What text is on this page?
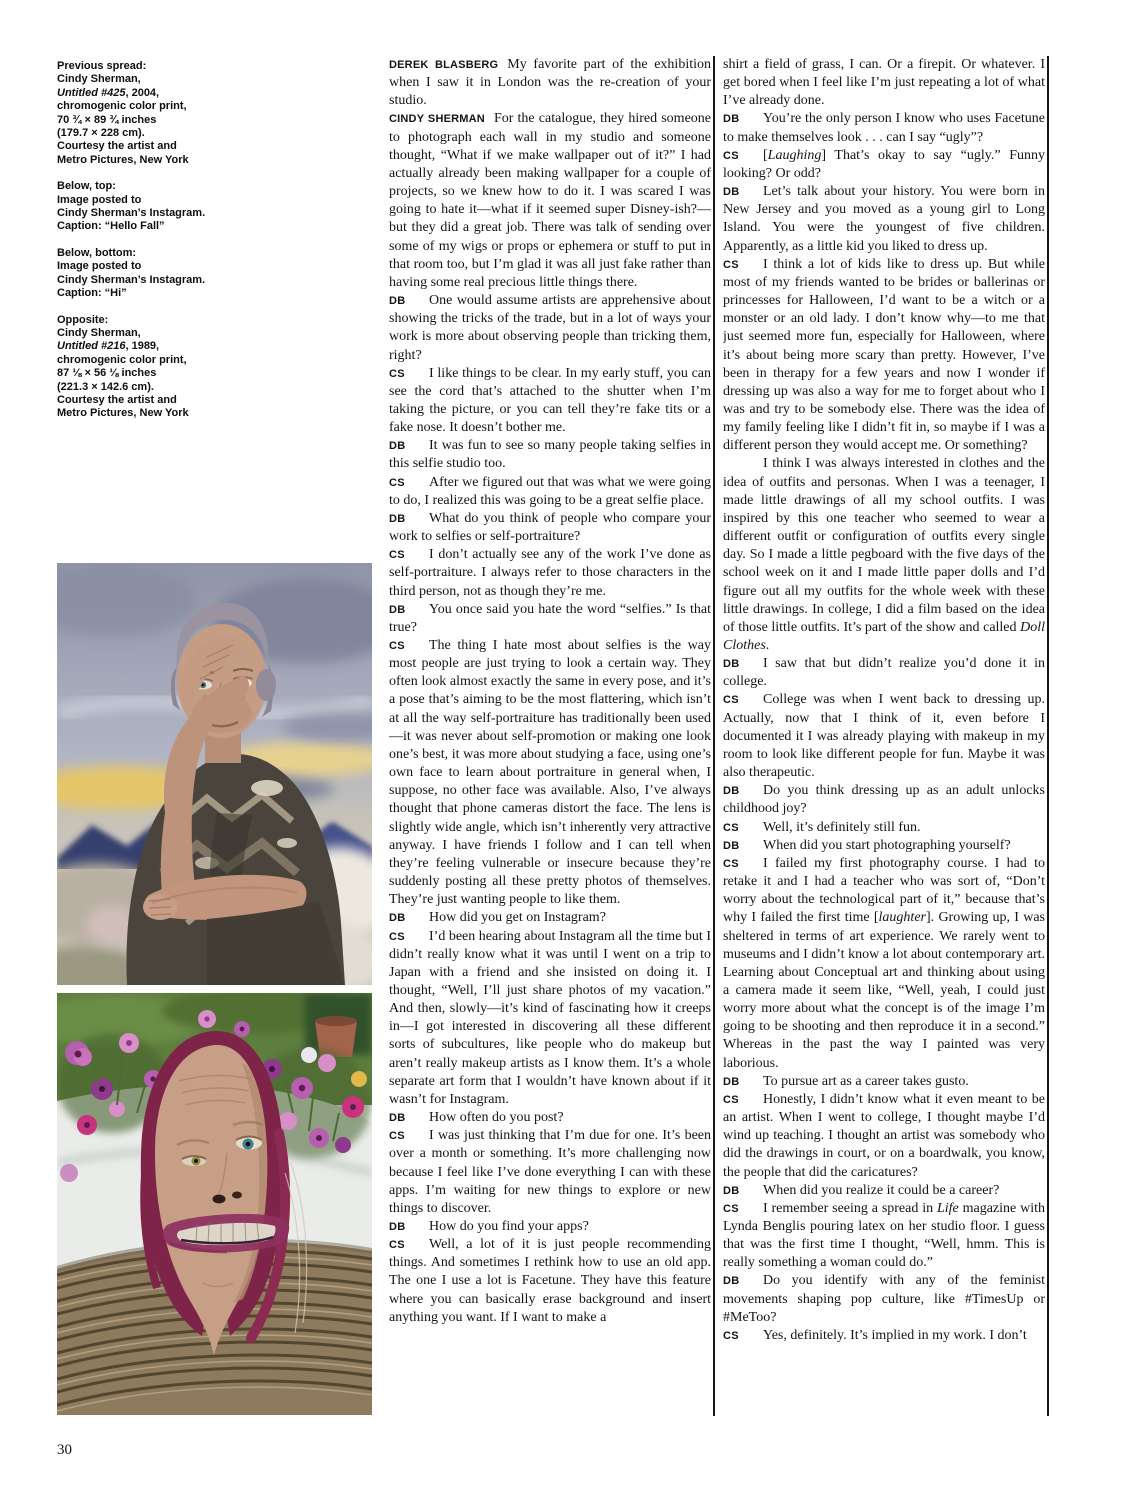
Previous spread:
Cindy Sherman,
Untitled #425, 2004,
chromogenic color print,
70 ¾ × 89 ¾ inches
(179.7 × 228 cm).
Courtesy the artist and
Metro Pictures, New York
Below, top:
Image posted to
Cindy Sherman’s Instagram.
Caption: “Hello Fall”
Below, bottom:
Image posted to
Cindy Sherman’s Instagram.
Caption: “Hi”
Opposite:
Cindy Sherman,
Untitled #216, 1989,
chromogenic color print,
87 ⅛ × 56 ⅛ inches
(221.3 × 142.6 cm).
Courtesy the artist and
Metro Pictures, New York

DEREK BLASBERG My favorite part of the exhibition when I saw it in London was the re-creation of your studio.

CINDY SHERMAN For the catalogue, they hired someone to photograph each wall in my studio and someone thought, “What if we make wallpaper out of it?” I had actually already been making wallpaper for a couple of projects, so we knew how to do it. I was scared I was going to hate it—what if it seemed super Disney-ish?—but they did a great job. There was talk of sending over some of my wigs or props or ephemera or stuff to put in that room too, but I’m glad it was all just fake rather than having some real precious little things there.

DB One would assume artists are apprehensive about showing the tricks of the trade, but in a lot of ways your work is more about observing people than tricking them, right?

CS I like things to be clear. In my early stuff, you can see the cord that’s attached to the shutter when I’m taking the picture, or you can tell they’re fake tits or a fake nose. It doesn’t bother me.

DB It was fun to see so many people taking selfies in this selfie studio too.

CS After we figured out that was what we were going to do, I realized this was going to be a great selfie place.

DB What do you think of people who compare your work to selfies or self-portraiture?

CS I don’t actually see any of the work I’ve done as self-portraiture. I always refer to those characters in the third person, not as though they’re me.

DB You once said you hate the word “selfies.” Is that true?

CS The thing I hate most about selfies is the way most people are just trying to look a certain way. They often look almost exactly the same in every pose, and it’s a pose that’s aiming to be the most flattering, which isn’t at all the way self-portraiture has traditionally been used—it was never about self-promotion or making one look one’s best, it was more about studying a face, using one’s own face to learn about portraiture in general when, I suppose, no other face was available. Also, I’ve always thought that phone cameras distort the face. The lens is slightly wide angle, which isn’t inherently very attractive anyway. I have friends I follow and I can tell when they’re feeling vulnerable or insecure because they’re suddenly posting all these pretty photos of themselves. They’re just wanting people to like them.

DB How did you get on Instagram?

CS I’d been hearing about Instagram all the time but I didn’t really know what it was until I went on a trip to Japan with a friend and she insisted on doing it. I thought, “Well, I’ll just share photos of my vacation.” And then, slowly—it’s kind of fascinating how it creeps in—I got interested in discovering all these different sorts of subcultures, like people who do makeup but aren’t really makeup artists as I know them. It’s a whole separate art form that I wouldn’t have known about if it wasn’t for Instagram.

DB How often do you post?

CS I was just thinking that I’m due for one. It’s been over a month or something. It’s more challenging now because I feel like I’ve done everything I can with these apps. I’m waiting for new things to explore or new things to discover.

DB How do you find your apps?

CS Well, a lot of it is just people recommending things. And sometimes I rethink how to use an old app. The one I use a lot is Facetune. They have this feature where you can basically erase background and insert anything you want. If I want to make a

shirt a field of grass, I can. Or a firepit. Or whatever. I get bored when I feel like I’m just repeating a lot of what I’ve already done.

DB You’re the only person I know who uses Facetune to make themselves look . . . can I say “ugly”?

CS [Laughing] That’s okay to say “ugly.” Funny looking? Or odd?

DB Let’s talk about your history. You were born in New Jersey and you moved as a young girl to Long Island. You were the youngest of five children. Apparently, as a little kid you liked to dress up.

CS I think a lot of kids like to dress up. But while most of my friends wanted to be brides or ballerinas or princesses for Halloween, I’d want to be a witch or a monster or an old lady. I don’t know why—to me that just seemed more fun, especially for Halloween, where it’s about being more scary than pretty. However, I’ve been in therapy for a few years and now I wonder if dressing up was also a way for me to forget about who I was and try to be somebody else. There was the idea of my family feeling like I didn’t fit in, so maybe if I was a different person they would accept me. Or something?

I think I was always interested in clothes and the idea of outfits and personas. When I was a teenager, I made little drawings of all my school outfits. I was inspired by this one teacher who seemed to wear a different outfit or configuration of outfits every single day. So I made a little pegboard with the five days of the school week on it and I made little paper dolls and I’d figure out all my outfits for the whole week with these little drawings. In college, I did a film based on the idea of those little outfits. It’s part of the show and called Doll Clothes.

DB I saw that but didn’t realize you’d done it in college.

CS College was when I went back to dressing up. Actually, now that I think of it, even before I documented it I was already playing with makeup in my room to look like different people for fun. Maybe it was also therapeutic.

DB Do you think dressing up as an adult unlocks childhood joy?

CS Well, it’s definitely still fun.

DB When did you start photographing yourself?

CS I failed my first photography course. I had to retake it and I had a teacher who was sort of, “Don’t worry about the technological part of it,” because that’s why I failed the first time [laughter]. Growing up, I was sheltered in terms of art experience. We rarely went to museums and I didn’t know a lot about contemporary art. Learning about Conceptual art and thinking about using a camera made it seem like, “Well, yeah, I could just worry more about what the concept is of the image I’m going to be shooting and then reproduce it in a second.” Whereas in the past the way I painted was very laborious.

DB To pursue art as a career takes gusto.

CS Honestly, I didn’t know what it even meant to be an artist. When I went to college, I thought maybe I’d wind up teaching. I thought an artist was somebody who did the drawings in court, or on a boardwalk, you know, the people that did the caricatures?

DB When did you realize it could be a career?

CS I remember seeing a spread in Life magazine with Lynda Benglis pouring latex on her studio floor. I guess that was the first time I thought, “Well, hmm. This is really something a woman could do.”

DB Do you identify with any of the feminist movements shaping pop culture, like #TimesUp or #MeToo?

CS Yes, definitely. It’s implied in my work. I don’t

30
